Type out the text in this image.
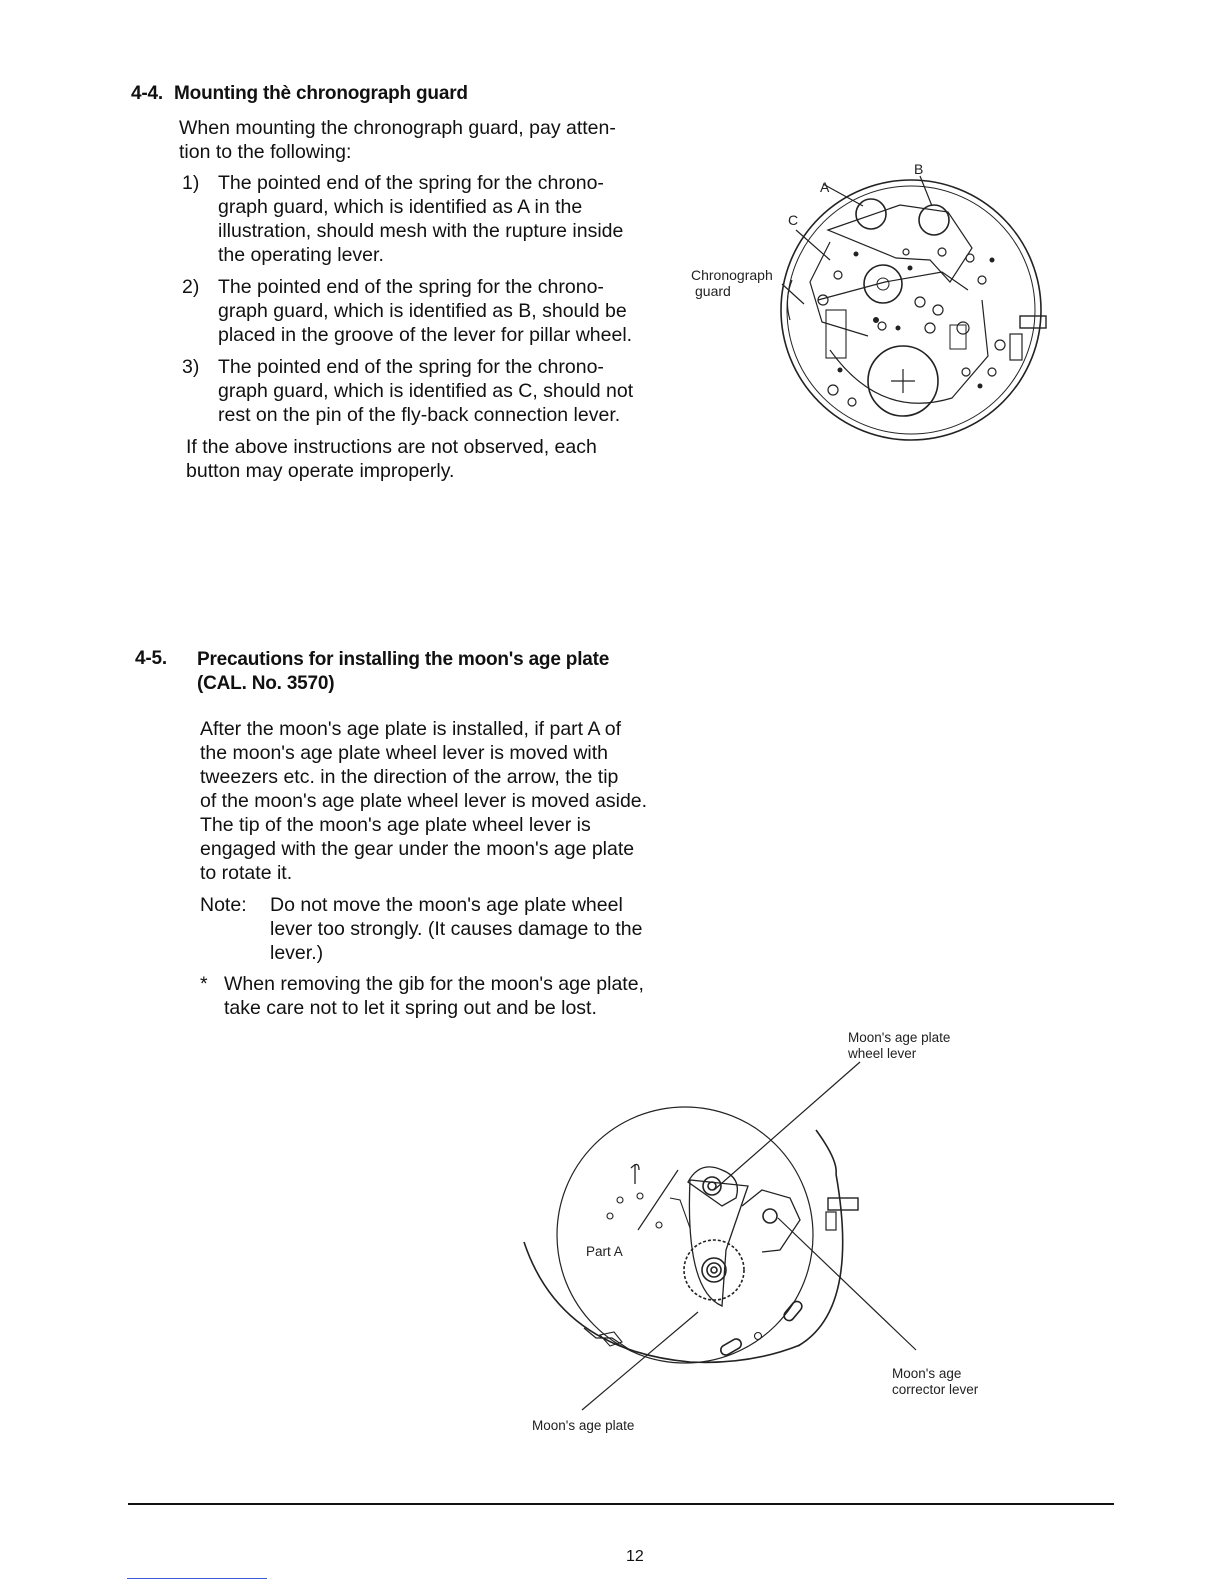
4-4. Mounting thè chronograph guard
When mounting the chronograph guard, pay atten-
tion to the following:
1) The pointed end of the spring for the chrono-
graph guard, which is identified as A in the
illustration, should mesh with the rupture inside
the operating lever.
2) The pointed end of the spring for the chrono-
graph guard, which is identified as B, should be
placed in the groove of the lever for pillar wheel.
3) The pointed end of the spring for the chrono-
graph guard, which is identified as C, should not
rest on the pin of the fly-back connection lever.
If the above instructions are not observed, each
button may operate improperly.
A
B
C
Chronograph
guard
4-5. Precautions for installing the moon's age plate
(CAL. No. 3570)
After the moon's age plate is installed, if part A of
the moon's age plate wheel lever is moved with
tweezers etc. in the direction of the arrow, the tip
of the moon's age plate wheel lever is moved aside.
The tip of the moon's age plate wheel lever is
engaged with the gear under the moon's age plate
to rotate it.
Note: Do not move the moon's age plate wheel
lever too strongly. (It causes damage to the
lever.)
* When removing the gib for the moon's age plate,
take care not to let it spring out and be lost.
Moon's age plate
wheel lever
Part A
Moon's age plate
Moon's age
corrector lever
12
